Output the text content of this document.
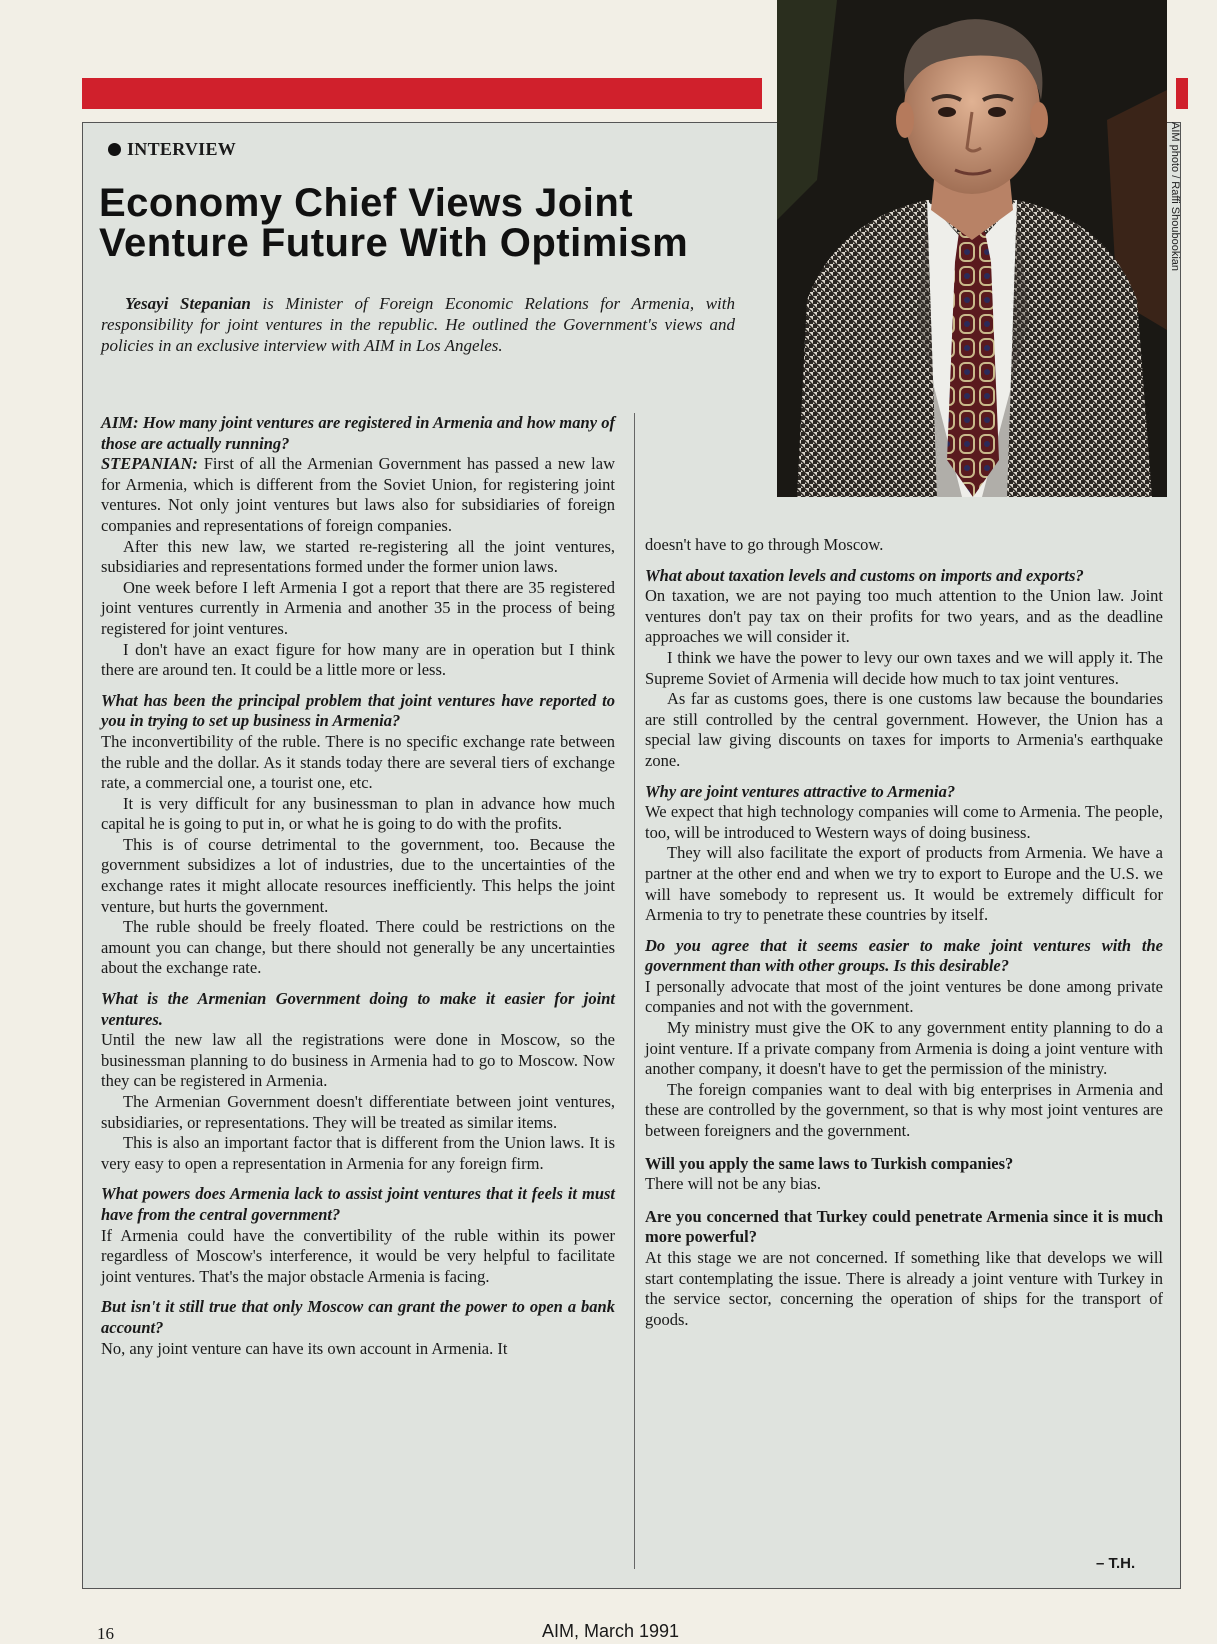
AIM photo / Raffi Shoubookian
INTERVIEW
Economy Chief Views Joint Venture Future With Optimism

Yesayi Stepanian is Minister of Foreign Economic Relations for Armenia, with responsibility for joint ventures in the republic. He outlined the Government's views and policies in an exclusive interview with AIM in Los Angeles.

AIM: How many joint ventures are registered in Armenia and how many of those are actually running?

STEPANIAN: First of all the Armenian Government has passed a new law for Armenia, which is different from the Soviet Union, for registering joint ventures. Not only joint ventures but laws also for subsidiaries of foreign companies and representations of foreign companies.

After this new law, we started re-registering all the joint ventures, subsidiaries and representations formed under the former union laws.

One week before I left Armenia I got a report that there are 35 registered joint ventures currently in Armenia and another 35 in the process of being registered for joint ventures.

I don't have an exact figure for how many are in operation but I think there are around ten. It could be a little more or less.

What has been the principal problem that joint ventures have reported to you in trying to set up business in Armenia?

The inconvertibility of the ruble. There is no specific exchange rate between the ruble and the dollar. As it stands today there are several tiers of exchange rate, a commercial one, a tourist one, etc.

It is very difficult for any businessman to plan in advance how much capital he is going to put in, or what he is going to do with the profits.

This is of course detrimental to the government, too. Because the government subsidizes a lot of industries, due to the uncertainties of the exchange rates it might allocate resources inefficiently. This helps the joint venture, but hurts the government.

The ruble should be freely floated. There could be restrictions on the amount you can change, but there should not generally be any uncertainties about the exchange rate.

What is the Armenian Government doing to make it easier for joint ventures.

Until the new law all the registrations were done in Moscow, so the businessman planning to do business in Armenia had to go to Moscow. Now they can be registered in Armenia.

The Armenian Government doesn't differentiate between joint ventures, subsidiaries, or representations. They will be treated as similar items.

This is also an important factor that is different from the Union laws. It is very easy to open a representation in Armenia for any foreign firm.

What powers does Armenia lack to assist joint ventures that it feels it must have from the central government?

If Armenia could have the convertibility of the ruble within its power regardless of Moscow's interference, it would be very helpful to facilitate joint ventures. That's the major obstacle Armenia is facing.

But isn't it still true that only Moscow can grant the power to open a bank account?

No, any joint venture can have its own account in Armenia. It

doesn't have to go through Moscow.

What about taxation levels and customs on imports and exports?

On taxation, we are not paying too much attention to the Union law. Joint ventures don't pay tax on their profits for two years, and as the deadline approaches we will consider it.

I think we have the power to levy our own taxes and we will apply it. The Supreme Soviet of Armenia will decide how much to tax joint ventures.

As far as customs goes, there is one customs law because the boundaries are still controlled by the central government. However, the Union has a special law giving discounts on taxes for imports to Armenia's earthquake zone.

Why are joint ventures attractive to Armenia?

We expect that high technology companies will come to Armenia. The people, too, will be introduced to Western ways of doing business.

They will also facilitate the export of products from Armenia. We have a partner at the other end and when we try to export to Europe and the U.S. we will have somebody to represent us. It would be extremely difficult for Armenia to try to penetrate these countries by itself.

Do you agree that it seems easier to make joint ventures with the government than with other groups. Is this desirable?

I personally advocate that most of the joint ventures be done among private companies and not with the government.

My ministry must give the OK to any government entity planning to do a joint venture. If a private company from Armenia is doing a joint venture with another company, it doesn't have to get the permission of the ministry.

The foreign companies want to deal with big enterprises in Armenia and these are controlled by the government, so that is why most joint ventures are between foreigners and the government.

Will you apply the same laws to Turkish companies?

There will not be any bias.

Are you concerned that Turkey could penetrate Armenia since it is much more powerful?

At this stage we are not concerned. If something like that develops we will start contemplating the issue. There is already a joint venture with Turkey in the service sector, concerning the operation of ships for the transport of goods.

– T.H.
16	AIM, March 1991
